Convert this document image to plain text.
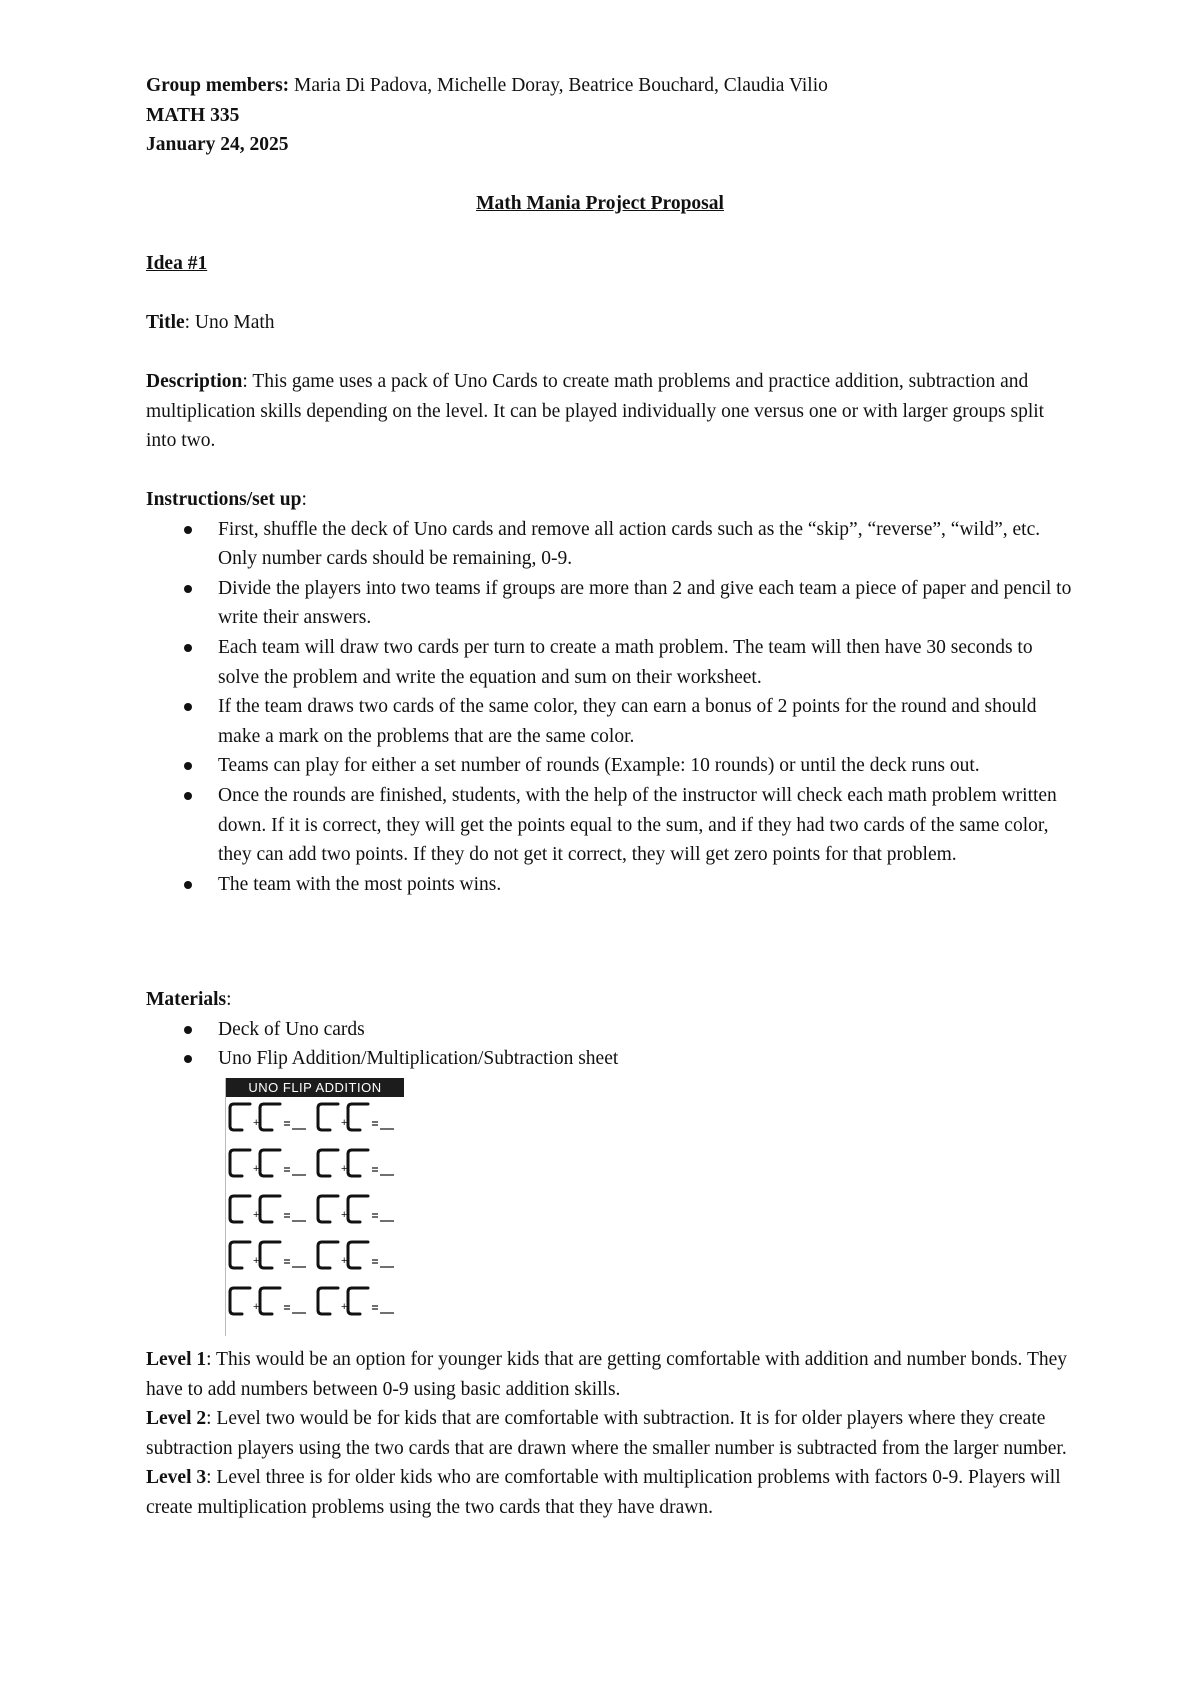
Group members: Maria Di Padova, Michelle Doray, Beatrice Bouchard, Claudia Vilio

MATH 335

January 24, 2025

Math Mania Project Proposal
Idea #1
Title: Uno Math
Description: This game uses a pack of Uno Cards to create math problems and practice addition, subtraction and multiplication skills depending on the level. It can be played individually one versus one or with larger groups split into two.

Instructions/set up:

First, shuffle the deck of Uno cards and remove all action cards such as the “skip”, “reverse”, “wild”, etc. Only number cards should be remaining, 0-9.
Divide the players into two teams if groups are more than 2 and give each team a piece of paper and pencil to write their answers.
Each team will draw two cards per turn to create a math problem. The team will then have 30 seconds to solve the problem and write the equation and sum on their worksheet.
If the team draws two cards of the same color, they can earn a bonus of 2 points for the round and should make a mark on the problems that are the same color.
Teams can play for either a set number of rounds (Example: 10 rounds) or until the deck runs out.
Once the rounds are finished, students, with the help of the instructor will check each math problem written down. If it is correct, they will get the points equal to the sum, and if they had two cards of the same color, they can add two points. If they do not get it correct, they will get zero points for that problem.
The team with the most points wins.

Materials:

Deck of Uno cards
Uno Flip Addition/Multiplication/Subtraction sheet
UNO FLIP ADDITION
+	+
+	+
+	+
+	+
+	+

Level 1: This would be an option for younger kids that are getting comfortable with addition and number bonds. They have to add numbers between 0-9 using basic addition skills.

Level 2: Level two would be for kids that are comfortable with subtraction. It is for older players where they create subtraction players using the two cards that are drawn where the smaller number is subtracted from the larger number.

Level 3: Level three is for older kids who are comfortable with multiplication problems with factors 0-9. Players will create multiplication problems using the two cards that they have drawn.
